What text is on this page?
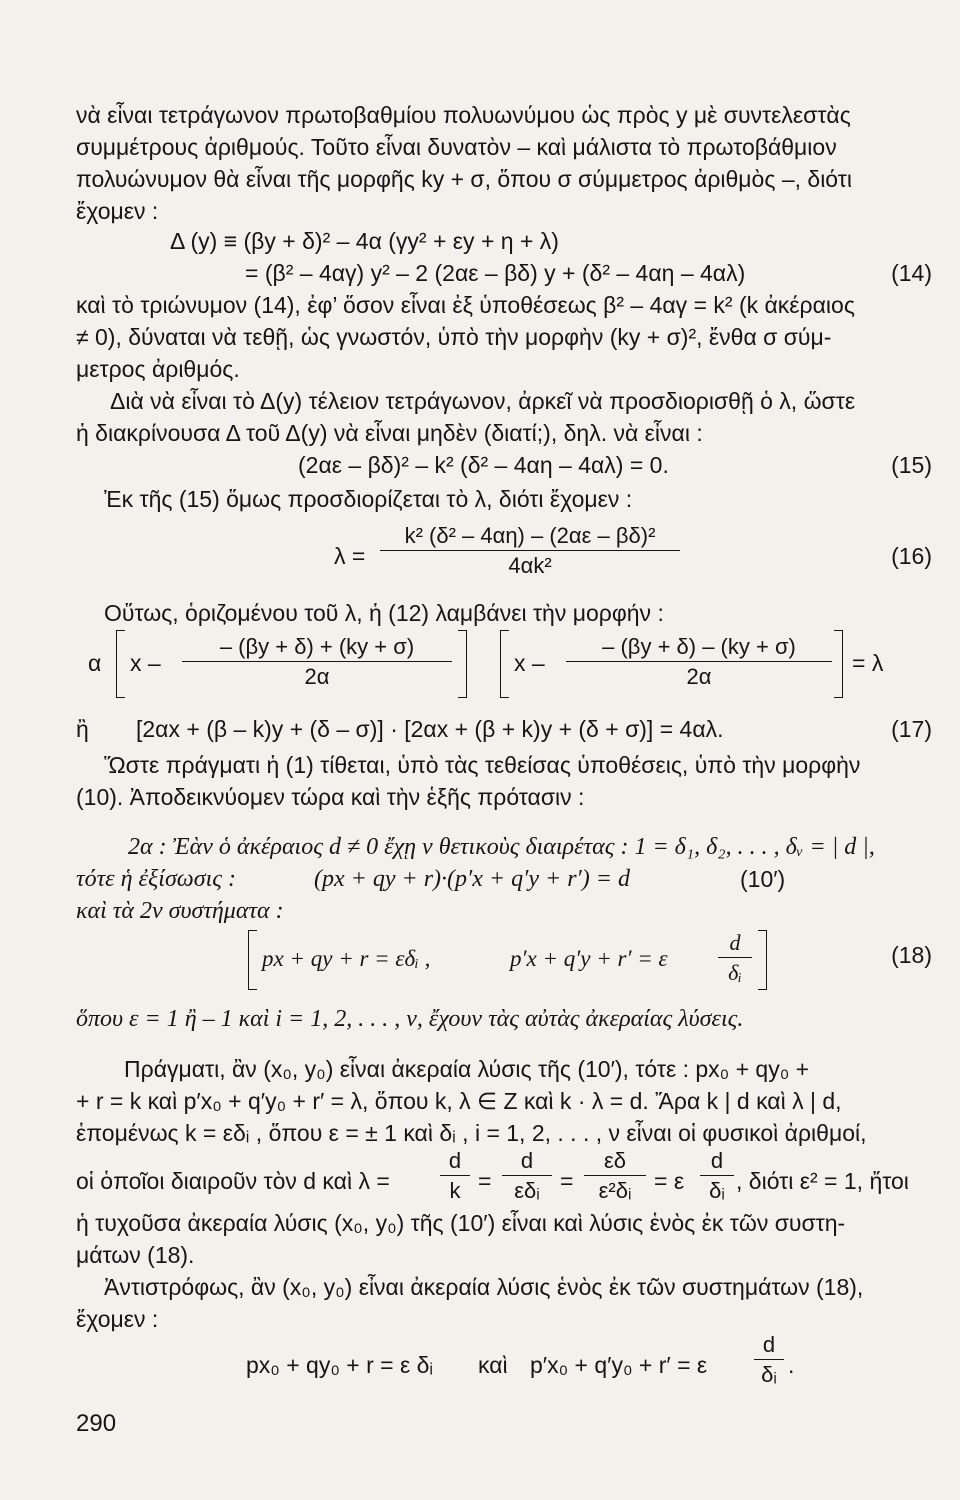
νὰ εἶναι τετράγωνον πρωτοβαθμίου πολυωνύμου ὡς πρὸς y μὲ συντελεστὰς
συμμέτρους ἀριθμούς. Τοῦτο εἶναι δυνατὸν – καὶ μάλιστα τὸ πρωτοβάθμιον
πολυώνυμον θὰ εἶναι τῆς μορφῆς ky + σ, ὅπου σ σύμμετρος ἀριθμὸς –, διότι
ἔχομεν :
Δ (y) ≡ (βy + δ)² – 4α (γy² + εy + η + λ)
= (β² – 4αγ) y² – 2 (2αε – βδ) y + (δ² – 4αη – 4αλ)	(14)
καὶ τὸ τριώνυμον (14), ἐφ’ ὅσον εἶναι ἐξ ὑποθέσεως β² – 4αγ = k² (k ἀκέραιος
≠ 0), δύναται νὰ τεθῇ, ὡς γνωστόν, ὑπὸ τὴν μορφὴν (ky + σ)², ἔνθα σ σύμ-
μετρος ἀριθμός.
Διὰ νὰ εἶναι τὸ Δ(y) τέλειον τετράγωνον, ἀρκεῖ νὰ προσδιορισθῇ ὁ λ, ὥστε
ἡ διακρίνουσα Δ τοῦ Δ(y) νὰ εἶναι μηδὲν (διατί;), δηλ. νὰ εἶναι :
(2αε – βδ)² – k² (δ² – 4αη – 4αλ) = 0.	(15)
Ἐκ τῆς (15) ὅμως προσδιορίζεται τὸ λ, διότι ἔχομεν :
λ =
k² (δ² – 4αη) – (2αε – βδ)²
4αk²	(16)
Οὕτως, ὁριζομένου τοῦ λ, ἡ (12) λαμβάνει τὴν μορφήν :
α x –
– (βy + δ) + (ky + σ)
2α
x –
– (βy + δ) – (ky + σ)
2α
= λ
ἢ [2αx + (β – k)y + (δ – σ)] · [2αx + (β + k)y + (δ + σ)] = 4αλ.	(17)
Ὥστε πράγματι ἡ (1) τίθεται, ὑπὸ τὰς τεθείσας ὑποθέσεις, ὑπὸ τὴν μορφὴν
(10). Ἀποδεικνύομεν τώρα καὶ τὴν ἑξῆς πρότασιν :
2α : Ἐὰν ὁ ἀκέραιος d ≠ 0 ἔχῃ ν θετικοὺς διαιρέτας : 1 = δ₁, δ₂, . . . , δᵥ = | d |,
τότε ἡ ἐξίσωσις :	(px + qy + r)·(p′x + q′y + r′) = d	(10′)
καὶ τὰ 2ν συστήματα :
px + qy + r = εδᵢ ,	p′x + q′y + r′ = ε
d
δᵢ
(18)
ὅπου ε = 1 ἢ – 1 καὶ i = 1, 2, . . . , ν, ἔχουν τὰς αὐτὰς ἀκεραίας λύσεις.
Πράγματι, ἂν (x₀, y₀) εἶναι ἀκεραία λύσις τῆς (10′), τότε : px₀ + qy₀ +
+ r = k καὶ p′x₀ + q′y₀ + r′ = λ, ὅπου k, λ ∈ Z καὶ k · λ = d. Ἄρα k | d καὶ λ | d,
ἑπομένως k = εδᵢ , ὅπου ε = ± 1 καὶ δᵢ , i = 1, 2, . . . , ν εἶναι οἱ φυσικοὶ ἀριθμοί,
οἱ ὁποῖοι διαιροῦν τὸν d καὶ λ =
d
k =
d
εδᵢ =
εδ
ε²δᵢ = ε
d
δᵢ , διότι ε² = 1, ἤτοι
ἡ τυχοῦσα ἀκεραία λύσις (x₀, y₀) τῆς (10′) εἶναι καὶ λύσις ἑνὸς ἐκ τῶν συστη-
μάτων (18).
Ἀντιστρόφως, ἂν (x₀, y₀) εἶναι ἀκεραία λύσις ἑνὸς ἐκ τῶν συστημάτων (18),
ἔχομεν :
px₀ + qy₀ + r = ε δᵢ καὶ p′x₀ + q′y₀ + r′ = ε
d
δᵢ .
290
